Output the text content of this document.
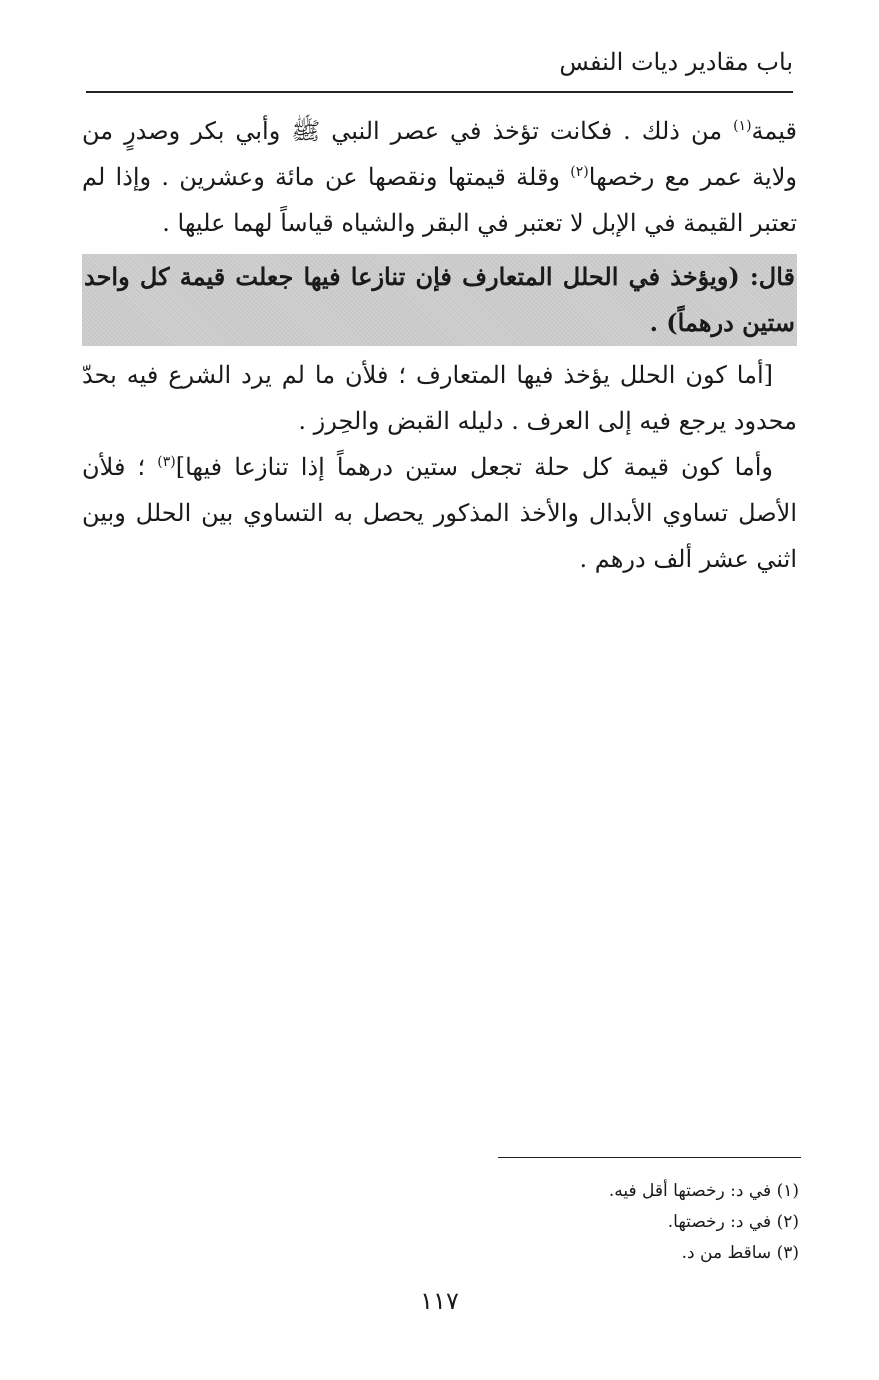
باب مقادير ديات النفس

قيمة$^{(١)}$ من ذلك . فكانت تؤخذ في عصر النبي ﷺ وأبي بكر وصدرٍ من ولاية عمر مع رخصها$^{(٢)}$ وقلة قيمتها ونقصها عن مائة وعشرين . وإذا لم تعتبر القيمة في الإبل لا تعتبر في البقر والشياه قياساً لهما عليها .

قال: (ويؤخذ في الحلل المتعارف فإن تنازعا فيها جعلت قيمة كل واحد ستين درهماً) .

[أما كون الحلل يؤخذ فيها المتعارف ؛ فلأن ما لم يرد الشرع فيه بحدّ محدود يرجع فيه إلى العرف . دليله القبض والحِرز .

وأما كون قيمة كل حلة تجعل ستين درهماً إذا تنازعا فيها]$^{(٣)}$ ؛ فلأن الأصل تساوي الأبدال والأخذ المذكور يحصل به التساوي بين الحلل وبين اثني عشر ألف درهم .

(١) في د: رخصتها أقل فيه.
(٢) في د: رخصتها.
(٣) ساقط من د.
١١٧
